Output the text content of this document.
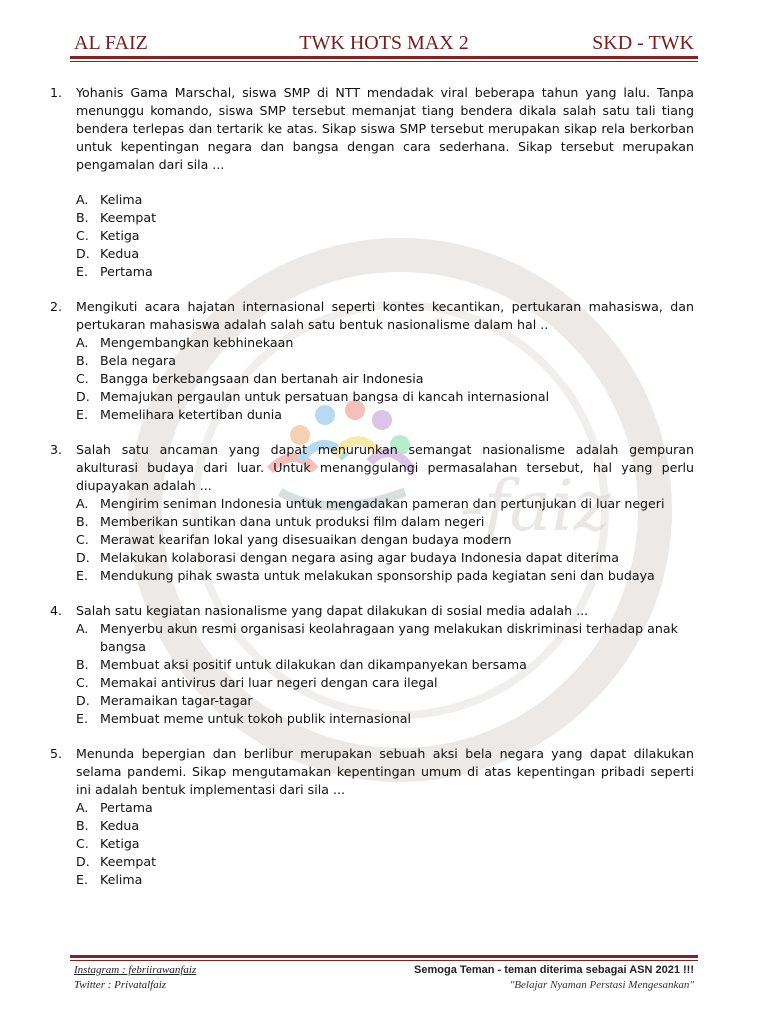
AL FAIZ	TWK HOTS MAX 2	SKD - TWK
-faiz
1.	Yohanis Gama Marschal, siswa SMP di NTT mendadak viral beberapa tahun yang lalu. Tanpa menunggu komando, siswa SMP tersebut memanjat tiang bendera dikala salah satu tali tiang bendera terlepas dan tertarik ke atas. Sikap siswa SMP tersebut merupakan sikap rela berkorban untuk kepentingan negara dan bangsa dengan cara sederhana. Sikap tersebut merupakan pengamalan dari sila ...
A. Kelima
B. Keempat
C. Ketiga
D. Kedua
E. Pertama
2.	Mengikuti acara hajatan internasional seperti kontes kecantikan, pertukaran mahasiswa, dan pertukaran mahasiswa adalah salah satu bentuk nasionalisme dalam hal ..
A. Mengembangkan kebhinekaan
B. Bela negara
C. Bangga berkebangsaan dan bertanah air Indonesia
D. Memajukan pergaulan untuk persatuan bangsa di kancah internasional
E. Memelihara ketertiban dunia
3.	Salah satu ancaman yang dapat menurunkan semangat nasionalisme adalah gempuran akulturasi budaya dari luar. Untuk menanggulangi permasalahan tersebut, hal yang perlu diupayakan adalah ...
A. Mengirim seniman Indonesia untuk mengadakan pameran dan pertunjukan di luar negeri
B. Memberikan suntikan dana untuk produksi film dalam negeri
C. Merawat kearifan lokal yang disesuaikan dengan budaya modern
D. Melakukan kolaborasi dengan negara asing agar budaya Indonesia dapat diterima
E. Mendukung pihak swasta untuk melakukan sponsorship pada kegiatan seni dan budaya
4.	Salah satu kegiatan nasionalisme yang dapat dilakukan di sosial media adalah ...
A. Menyerbu akun resmi organisasi keolahragaan yang melakukan diskriminasi terhadap anak bangsa
B. Membuat aksi positif untuk dilakukan dan dikampanyekan bersama
C. Memakai antivirus dari luar negeri dengan cara ilegal
D. Meramaikan tagar-tagar
E. Membuat meme untuk tokoh publik internasional
5.	Menunda bepergian dan berlibur merupakan sebuah aksi bela negara yang dapat dilakukan selama pandemi. Sikap mengutamakan kepentingan umum di atas kepentingan pribadi seperti ini adalah bentuk implementasi dari sila ...
A. Pertama
B. Kedua
C. Ketiga
D. Keempat
E. Kelima
Instagram : febriirawanfaiz
Twitter : Privatalfaiz
Semoga Teman - teman diterima sebagai ASN 2021 !!!
"Belajar Nyaman Perstasi Mengesankan"
